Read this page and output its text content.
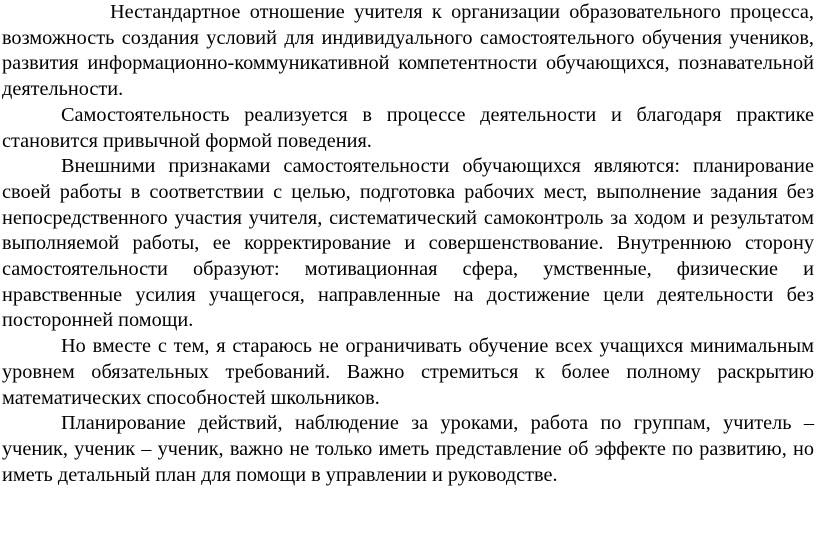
Нестандартное отношение учителя к организации образовательного процесса, возможность создания условий для индивидуального самостоятельного обучения учеников, развития информационно-коммуникативной компетентности обучающихся, познавательной деятельности.

Самостоятельность реализуется в процессе деятельности и благодаря практике становится привычной формой поведения.

Внешними признаками самостоятельности обучающихся являются: планирование своей работы в соответствии с целью, подготовка рабочих мест, выполнение задания без непосредственного участия учителя, систематический самоконтроль за ходом и результатом выполняемой работы, ее корректирование и совершенствование. Внутреннюю сторону самостоятельности образуют: мотивационная сфера, умственные, физические и нравственные усилия учащегося, направленные на достижение цели деятельности без посторонней помощи.

Но вместе с тем, я стараюсь не ограничивать обучение всех учащихся минимальным уровнем обязательных требований. Важно стремиться к более полному раскрытию математических способностей школьников.

Планирование действий, наблюдение за уроками, работа по группам, учитель – ученик, ученик – ученик, важно не только иметь представление об эффекте по развитию, но иметь детальный план для помощи в управлении и руководстве.
